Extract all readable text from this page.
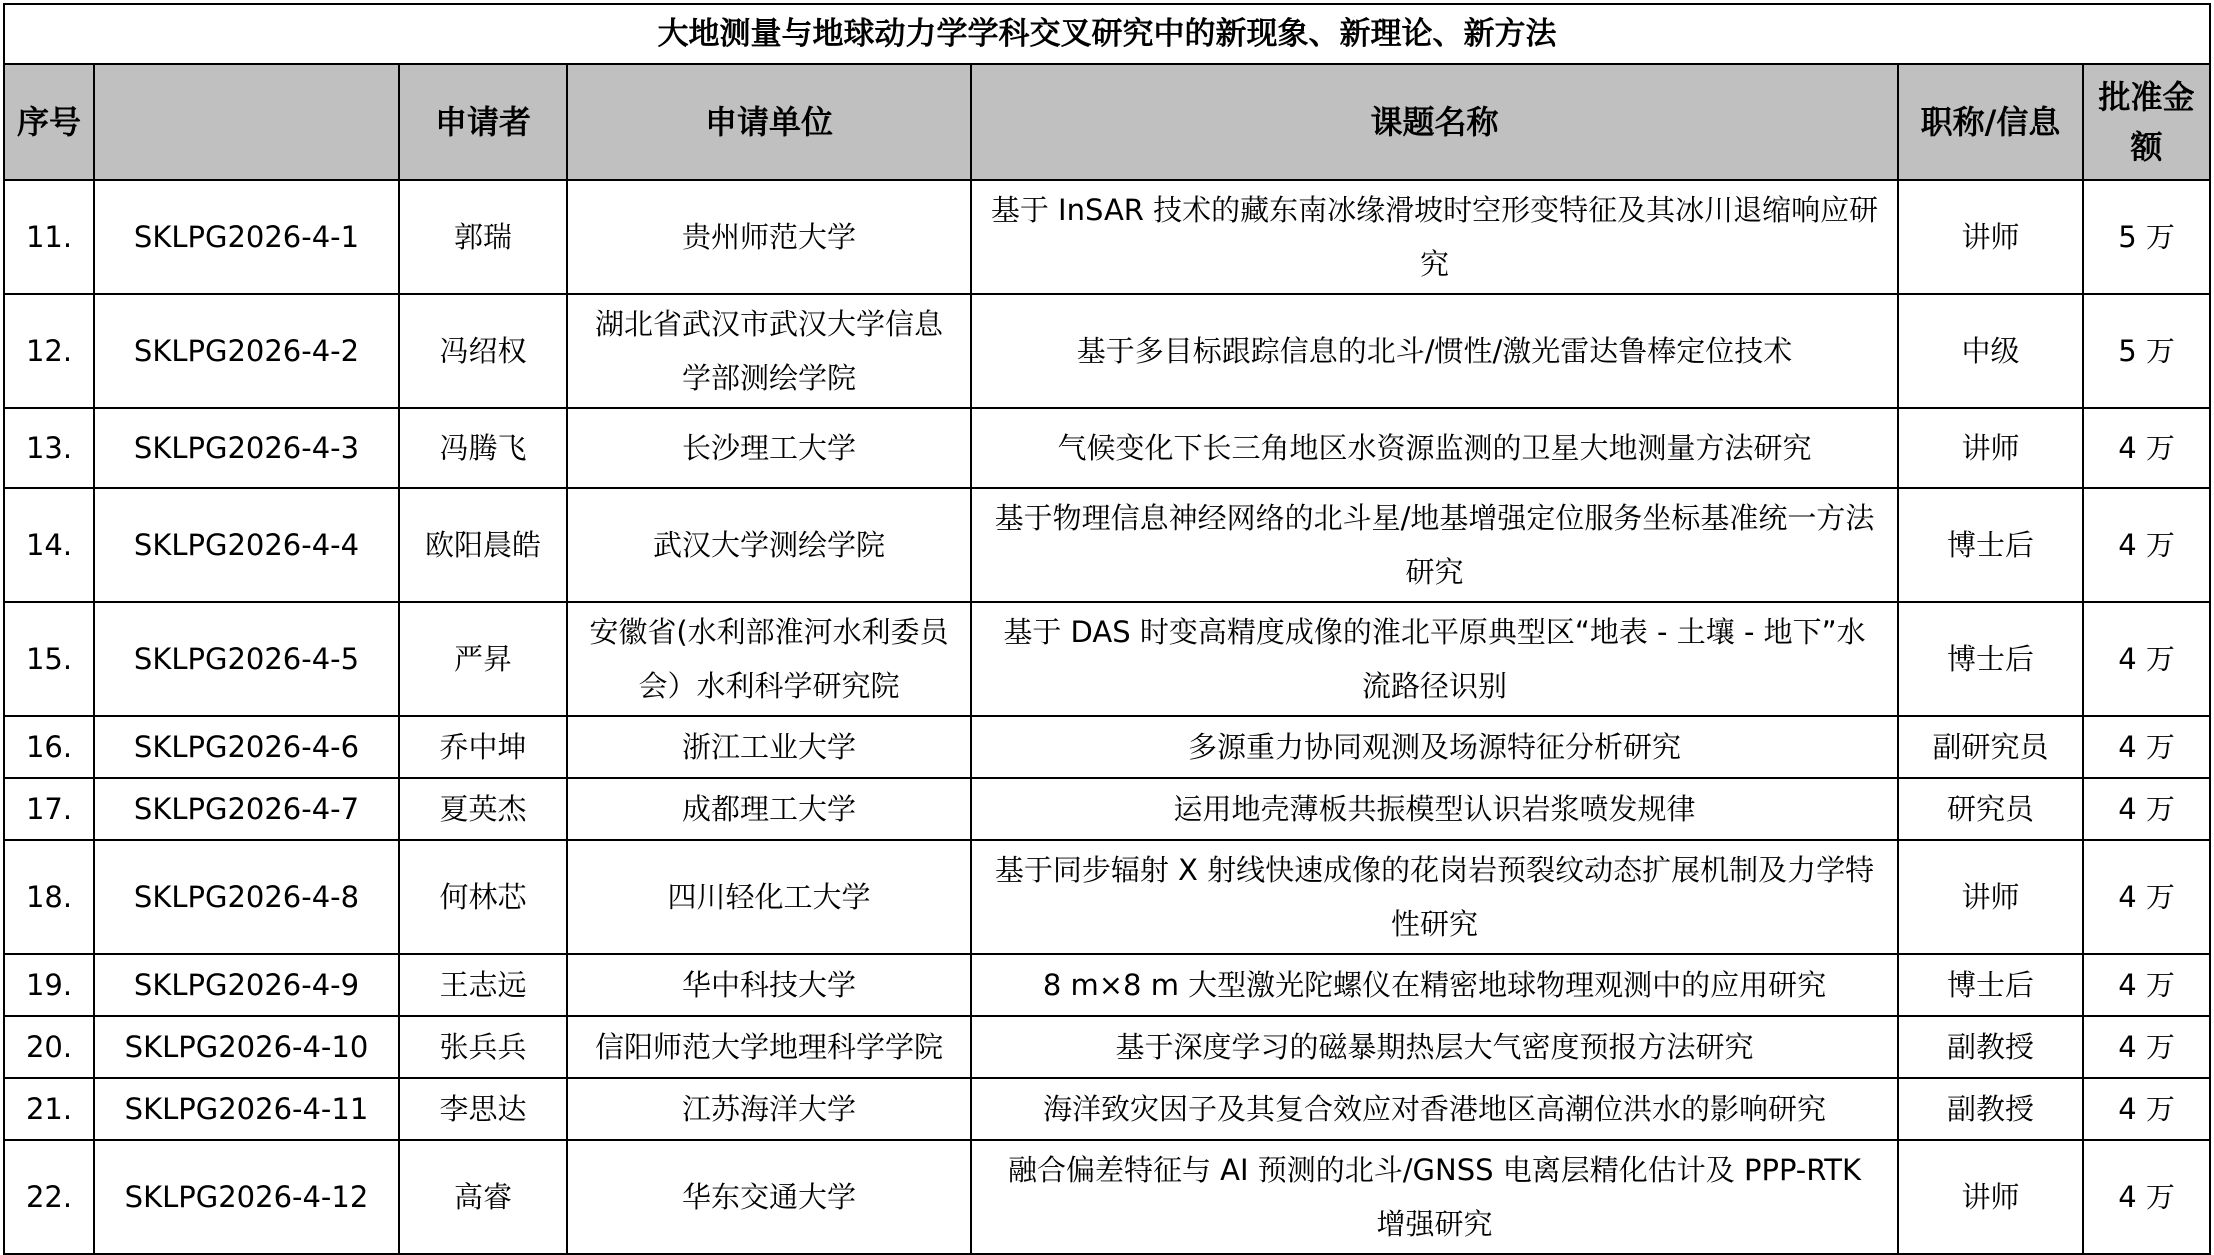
大地测量与地球动力学学科交叉研究中的新现象、新理论、新方法						
序号		申请者	申请单位	课题名称	职称/信息	批准金额
11.	SKLPG2026-4-1	郭瑞	贵州师范大学	基于 InSAR 技术的藏东南冰缘滑坡时空形变特征及其冰川退缩响应研究	讲师	5 万
12.	SKLPG2026-4-2	冯绍权	湖北省武汉市武汉大学信息学部测绘学院	基于多目标跟踪信息的北斗/惯性/激光雷达鲁棒定位技术	中级	5 万
13.	SKLPG2026-4-3	冯腾飞	长沙理工大学	气候变化下长三角地区水资源监测的卫星大地测量方法研究	讲师	4 万
14.	SKLPG2026-4-4	欧阳晨皓	武汉大学测绘学院	基于物理信息神经网络的北斗星/地基增强定位服务坐标基准统一方法研究	博士后	4 万
15.	SKLPG2026-4-5	严昇	安徽省(水利部淮河水利委员会）水利科学研究院	基于 DAS 时变高精度成像的淮北平原典型区“地表 - 土壤 - 地下”水流路径识别	博士后	4 万
16.	SKLPG2026-4-6	乔中坤	浙江工业大学	多源重力协同观测及场源特征分析研究	副研究员	4 万
17.	SKLPG2026-4-7	夏英杰	成都理工大学	运用地壳薄板共振模型认识岩浆喷发规律	研究员	4 万
18.	SKLPG2026-4-8	何林芯	四川轻化工大学	基于同步辐射 X 射线快速成像的花岗岩预裂纹动态扩展机制及力学特性研究	讲师	4 万
19.	SKLPG2026-4-9	王志远	华中科技大学	8 m×8 m 大型激光陀螺仪在精密地球物理观测中的应用研究	博士后	4 万
20.	SKLPG2026-4-10	张兵兵	信阳师范大学地理科学学院	基于深度学习的磁暴期热层大气密度预报方法研究	副教授	4 万
21.	SKLPG2026-4-11	李思达	江苏海洋大学	海洋致灾因子及其复合效应对香港地区高潮位洪水的影响研究	副教授	4 万
22.	SKLPG2026-4-12	高睿	华东交通大学	融合偏差特征与 AI 预测的北斗/GNSS 电离层精化估计及 PPP-RTK 增强研究	讲师	4 万
